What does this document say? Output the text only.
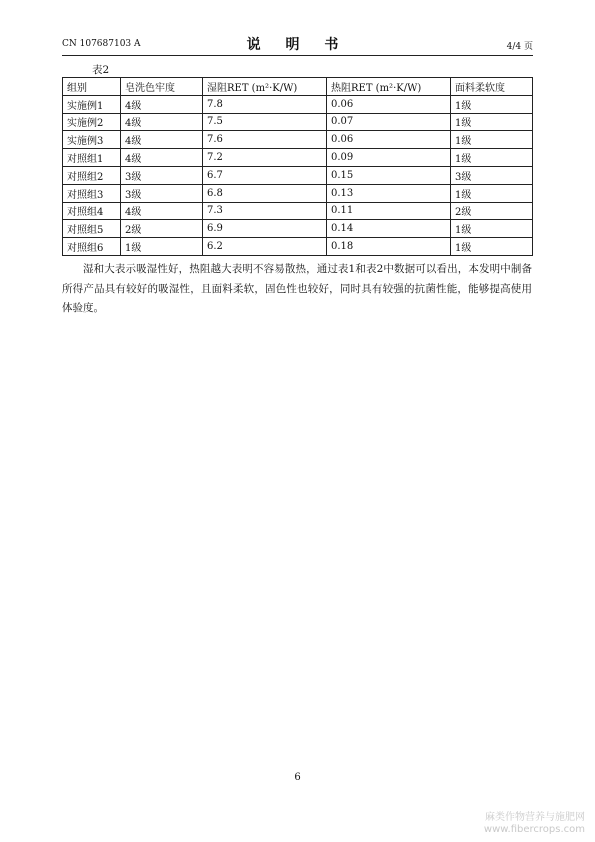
CN 107687103 A	说 明 书	4/4 页
表2
组别	皂洗色牢度	湿阻RET (m²·K/W)	热阻RET (m²·K/W)	面料柔软度
实施例1	4级	7.8	0.06	1级
实施例2	4级	7.5	0.07	1级
实施例3	4级	7.6	0.06	1级
对照组1	4级	7.2	0.09	1级
对照组2	3级	6.7	0.15	3级
对照组3	3级	6.8	0.13	1级
对照组4	4级	7.3	0.11	2级
对照组5	2级	6.9	0.14	1级
对照组6	1级	6.2	0.18	1级
湿和大表示吸湿性好，热阻越大表明不容易散热，通过表1和表2中数据可以看出，本发明中制备所得产品具有较好的吸湿性，且面料柔软，固色性也较好，同时具有较强的抗菌性能，能够提高使用体验度。
6
麻类作物营养与施肥网
www.fibercrops.com
